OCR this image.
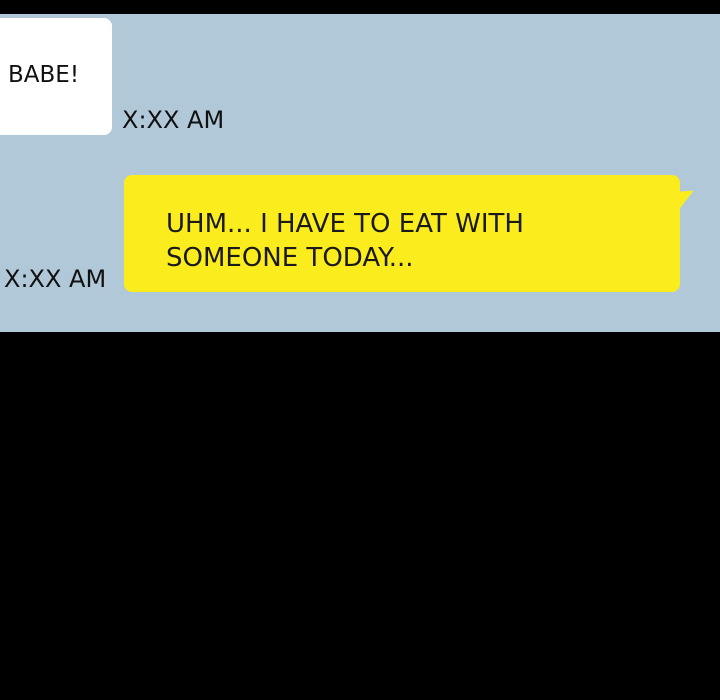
BABE!
X:XX AM
UHM... I HAVE TO EAT WITH
SOMEONE TODAY...
X:XX AM
